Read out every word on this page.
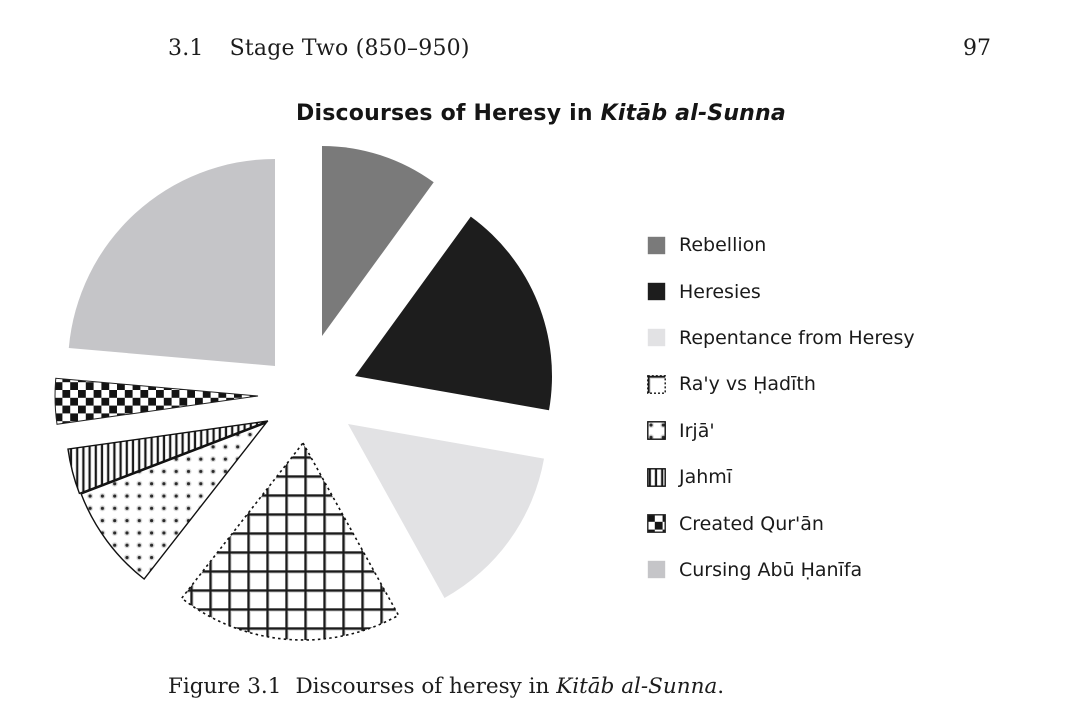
3.1 Stage Two (850–950)	97
Discourses of Heresy in Kitāb al-Sunna
Rebellion
Heresies
Repentance from Heresy
Ra'y vs Ḥadīth
Irjā'
Jahmī
Created Qur'ān
Cursing Abū Ḥanīfa
Figure 3.1 Discourses of heresy in Kitāb al-Sunna.
